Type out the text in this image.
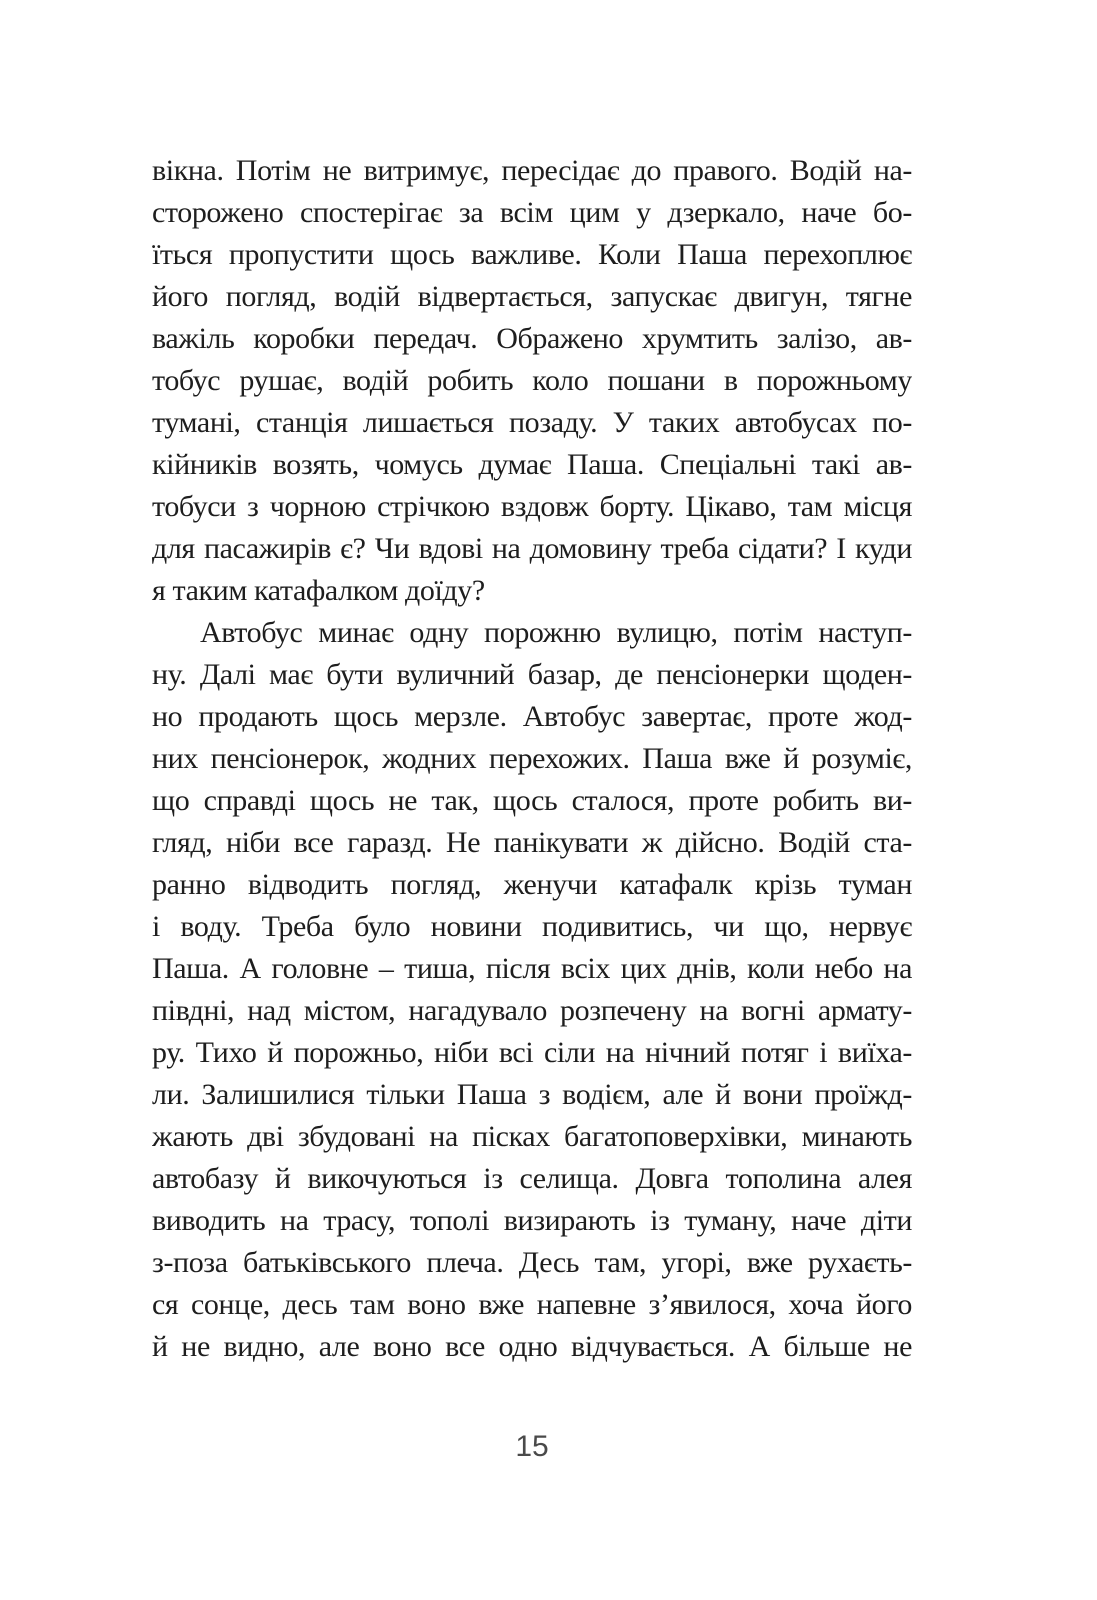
вікна. Потім не витримує, пересідає до правого. Водій на-
сторожено спостерігає за всім цим у дзеркало, наче бо-
їться пропустити щось важливе. Коли Паша перехоплює
його погляд, водій відвертається, запускає двигун, тягне
важіль коробки передач. Ображено хрумтить залізо, ав-
тобус рушає, водій робить коло пошани в порожньому
тумані, станція лишається позаду. У таких автобусах по-
кійників возять, чомусь думає Паша. Спеціальні такі ав-
тобуси з чорною стрічкою вздовж борту. Цікаво, там місця
для пасажирів є? Чи вдові на домовину треба сідати? І куди
я таким катафалком доїду?
Автобус минає одну порожню вулицю, потім наступ-
ну. Далі має бути вуличний базар, де пенсіонерки щоден-
но продають щось мерзле. Автобус завертає, проте жод-
них пенсіонерок, жодних перехожих. Паша вже й розуміє,
що справді щось не так, щось сталося, проте робить ви-
гляд, ніби все гаразд. Не панікувати ж дійсно. Водій ста-
ранно відводить погляд, женучи катафалк крізь туман
і воду. Треба було новини подивитись, чи що, нервує
Паша. А головне – тиша, після всіх цих днів, коли небо на
півдні, над містом, нагадувало розпечену на вогні армату-
ру. Тихо й порожньо, ніби всі сіли на нічний потяг і виїха-
ли. Залишилися тільки Паша з водієм, але й вони проїжд-
жають дві збудовані на пісках багатоповерхівки, минають
автобазу й викочуються із селища. Довга тополина алея
виводить на трасу, тополі визирають із туману, наче діти
з-поза батьківського плеча. Десь там, угорі, вже рухаєть-
ся сонце, десь там воно вже напевне з’явилося, хоча його
й не видно, але воно все одно відчувається. А більше не
15
